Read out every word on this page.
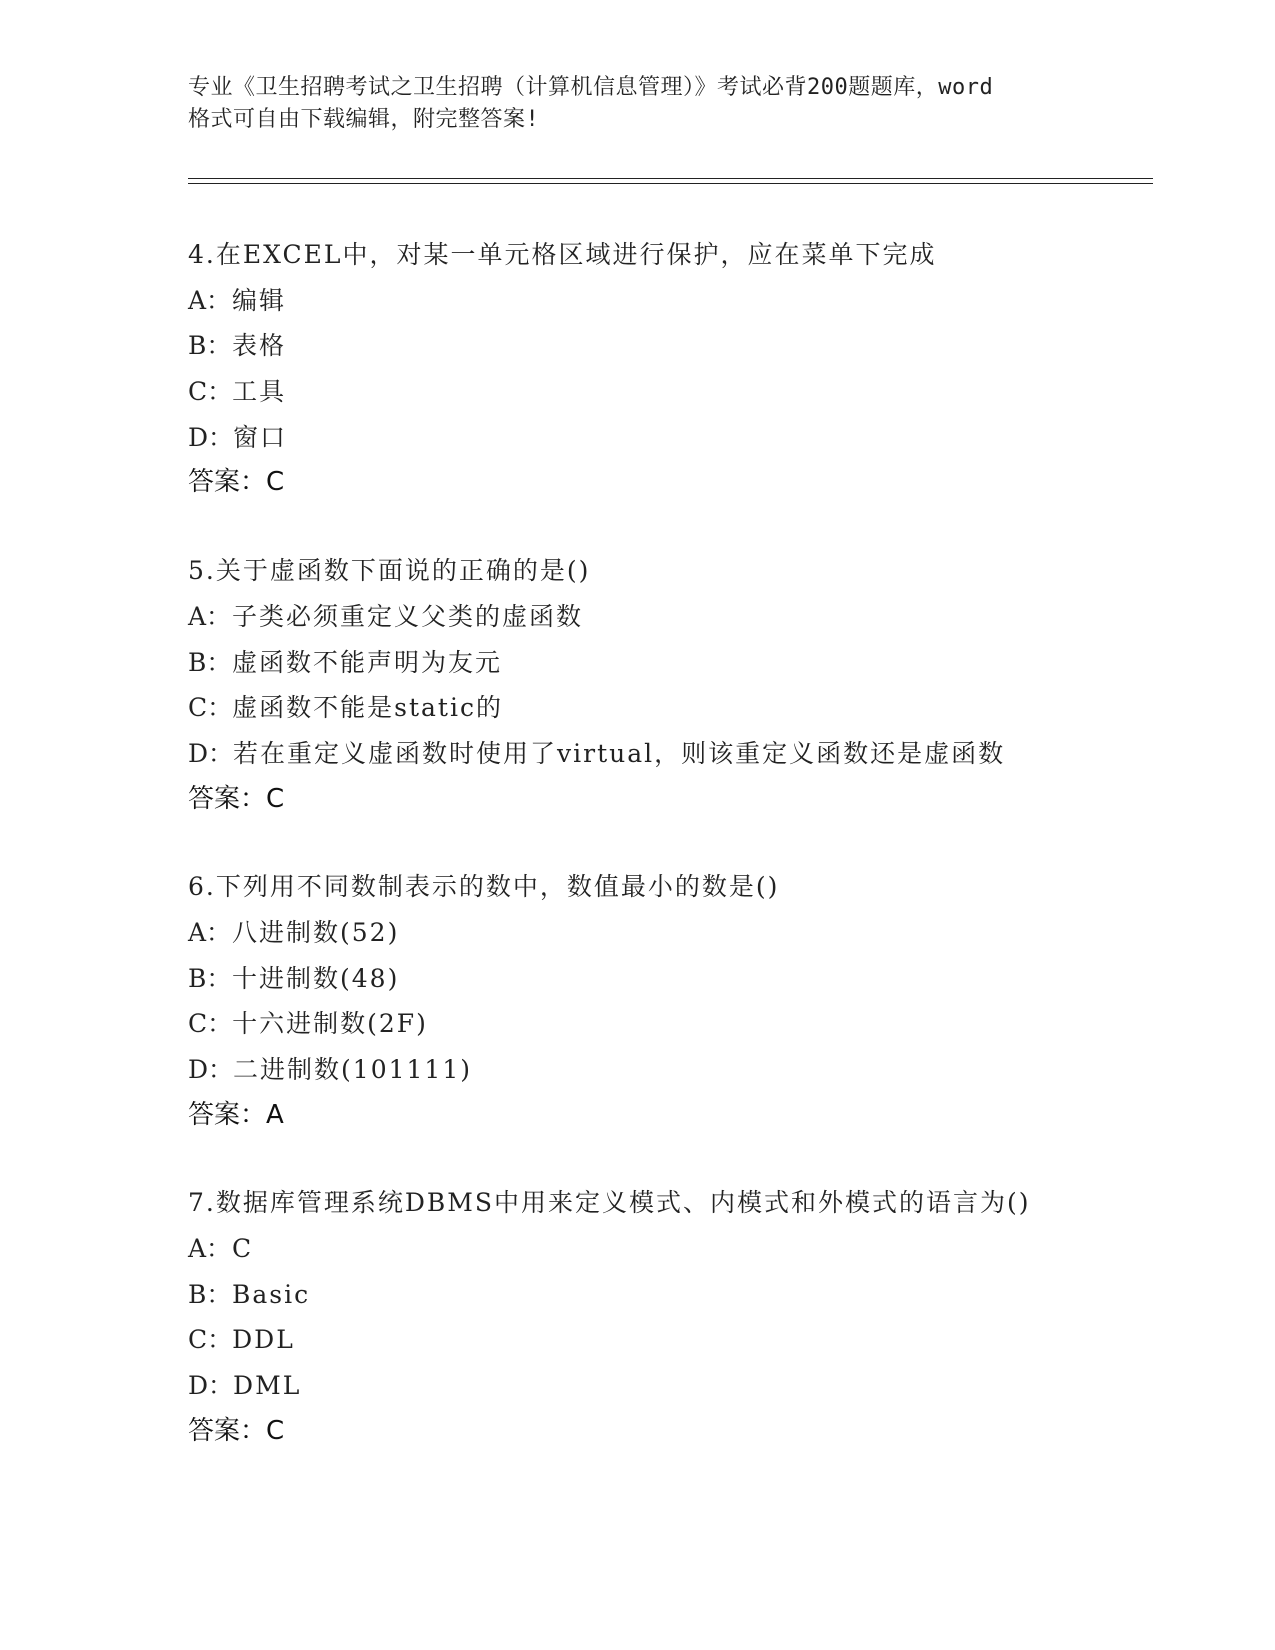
专业《卫生招聘考试之卫生招聘（计算机信息管理）》考试必背200题题库，word
格式可自由下载编辑，附完整答案!
4.在EXCEL中，对某一单元格区域进行保护，应在菜单下完成
A：编辑
B：表格
C：工具
D：窗口
答案：C
5.关于虚函数下面说的正确的是()
A：子类必须重定义父类的虚函数
B：虚函数不能声明为友元
C：虚函数不能是static的
D：若在重定义虚函数时使用了virtual，则该重定义函数还是虚函数
答案：C
6.下列用不同数制表示的数中，数值最小的数是()
A：八进制数(52)
B：十进制数(48)
C：十六进制数(2F)
D：二进制数(101111)
答案：A
7.数据库管理系统DBMS中用来定义模式、内模式和外模式的语言为()
A：C
B：Basic
C：DDL
D：DML
答案：C
